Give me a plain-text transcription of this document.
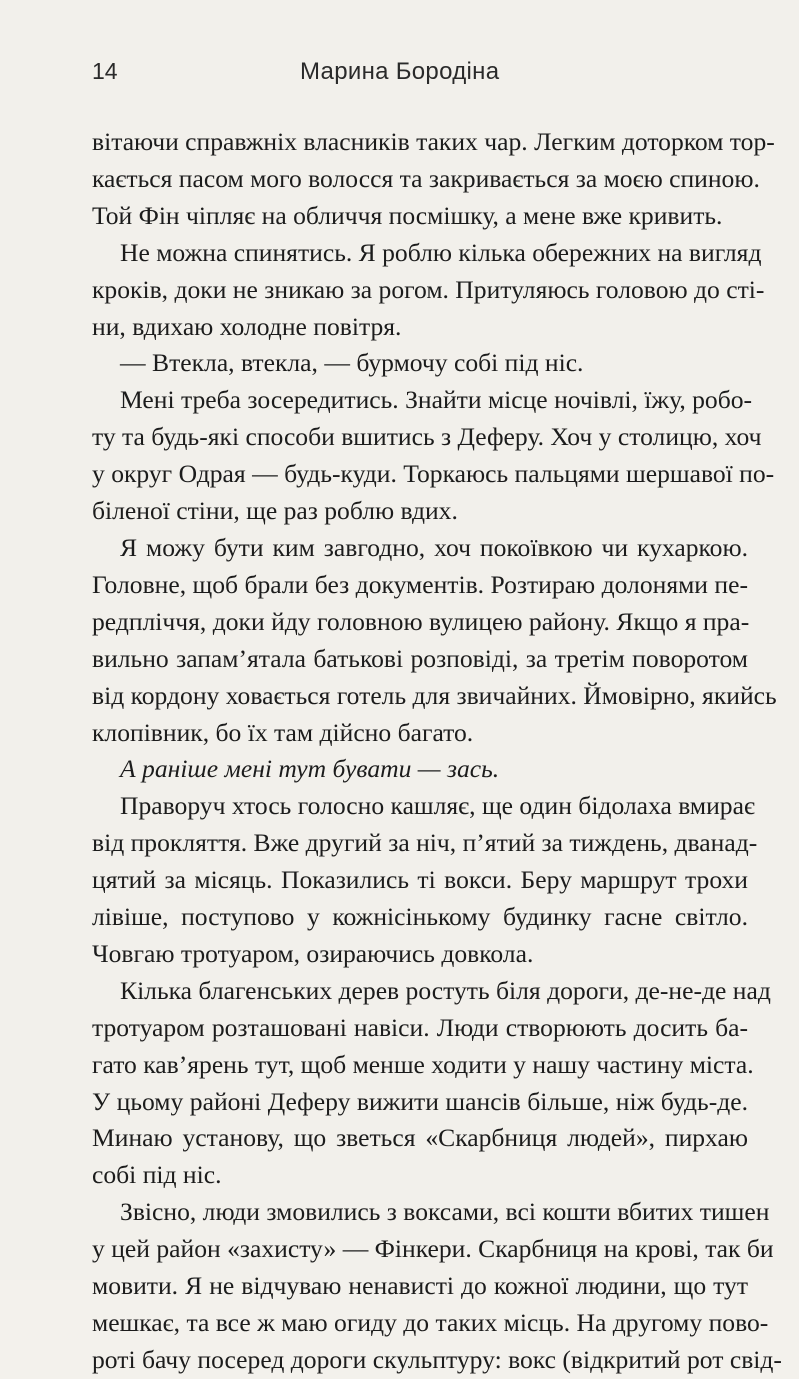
14	Марина Бородіна
вітаючи справжніх власників таких чар. Легким доторком тор-
кається пасом мого волосся та закривається за моєю спиною.
Той Фін чіпляє на обличчя посмішку, а мене вже кривить.
Не можна спинятись. Я роблю кілька обережних на вигляд
кроків, доки не зникаю за рогом. Притуляюсь головою до сті-
ни, вдихаю холодне повітря.
— Втекла, втекла, — бурмочу собі під ніс.
Мені треба зосередитись. Знайти місце ночівлі, їжу, робо-
ту та будь-які способи вшитись з Деферу. Хоч у столицю, хоч
у округ Одрая — будь-куди. Торкаюсь пальцями шершавої по-
біленої стіни, ще раз роблю вдих.
Я можу бути ким завгодно, хоч покоївкою чи кухаркою.
Головне, щоб брали без документів. Розтираю долонями пе-
редпліччя, доки йду головною вулицею району. Якщо я пра-
вильно запам’ятала батькові розповіді, за третім поворотом
від кордону ховається готель для звичайних. Ймовірно, якийсь
клопівник, бо їх там дійсно багато.
А раніше мені тут бувати — зась.
Праворуч хтось голосно кашляє, ще один бідолаха вмирає
від прокляття. Вже другий за ніч, п’ятий за тиждень, дванад-
цятий за місяць. Показились ті вокси. Беру маршрут трохи
лівіше, поступово у кожнісінькому будинку гасне світло.
Човгаю тротуаром, озираючись довкола.
Кілька благенських дерев ростуть біля дороги, де-не-де над
тротуаром розташовані навіси. Люди створюють досить ба-
гато кав’ярень тут, щоб менше ходити у нашу частину міста.
У цьому районі Деферу вижити шансів більше, ніж будь-де.
Минаю установу, що зветься «Скарбниця людей», пирхаю
собі під ніс.
Звісно, люди змовились з воксами, всі кошти вбитих тишен
у цей район «захисту» — Фінкери. Скарбниця на крові, так би
мовити. Я не відчуваю ненависті до кожної людини, що тут
мешкає, та все ж маю огиду до таких місць. На другому пово-
роті бачу посеред дороги скульптуру: вокс (відкритий рот свід-
